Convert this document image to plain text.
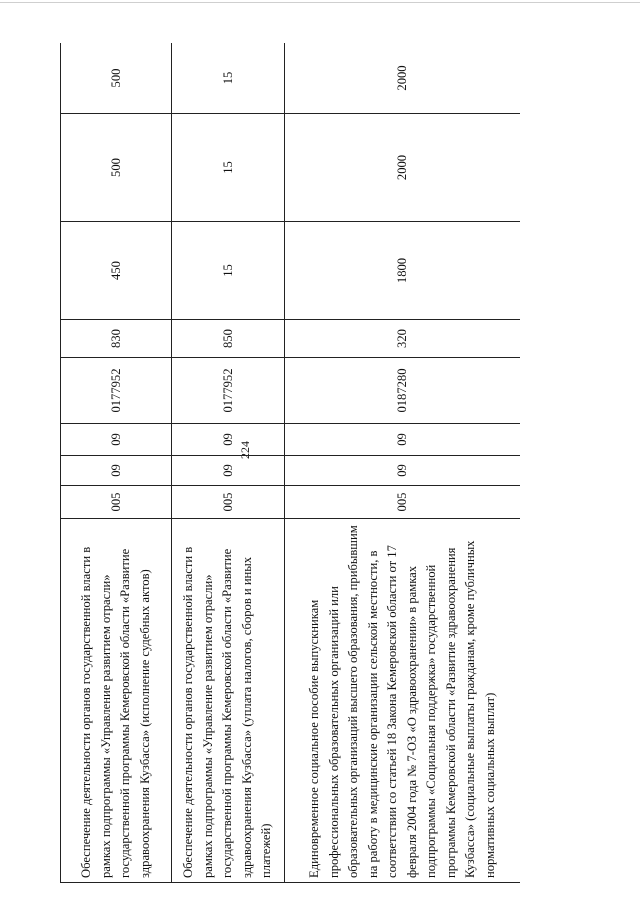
224
Обеспечение деятельности органов государственной власти в рамках подпрограммы «Управление развитием отрасли» государственной программы Кемеровской области «Развитие здравоохранения Кузбасса» (исполнение судебных актов)	005	09	09	0177952	830	450	500	500
Обеспечение деятельности органов государственной власти в рамках подпрограммы «Управление развитием отрасли» государственной программы Кемеровской области «Развитие здравоохранения Кузбасса» (уплата налогов, сборов и иных платежей)	005	09	09	0177952	850	15	15	15
Единовременное социальное пособие выпускникам профессиональных образовательных организаций или образовательных организаций высшего образования, прибывшим на работу в медицинские организации сельской местности, в соответствии со статьей 18 Закона Кемеровской области от 17 февраля 2004 года № 7-ОЗ «О здравоохранении» в рамках подпрограммы «Социальная поддержка» государственной программы Кемеровской области «Развитие здравоохранения Кузбасса» (социальные выплаты гражданам, кроме публичных нормативных социальных выплат)	005	09	09	0187280	320	1800	2000	2000
